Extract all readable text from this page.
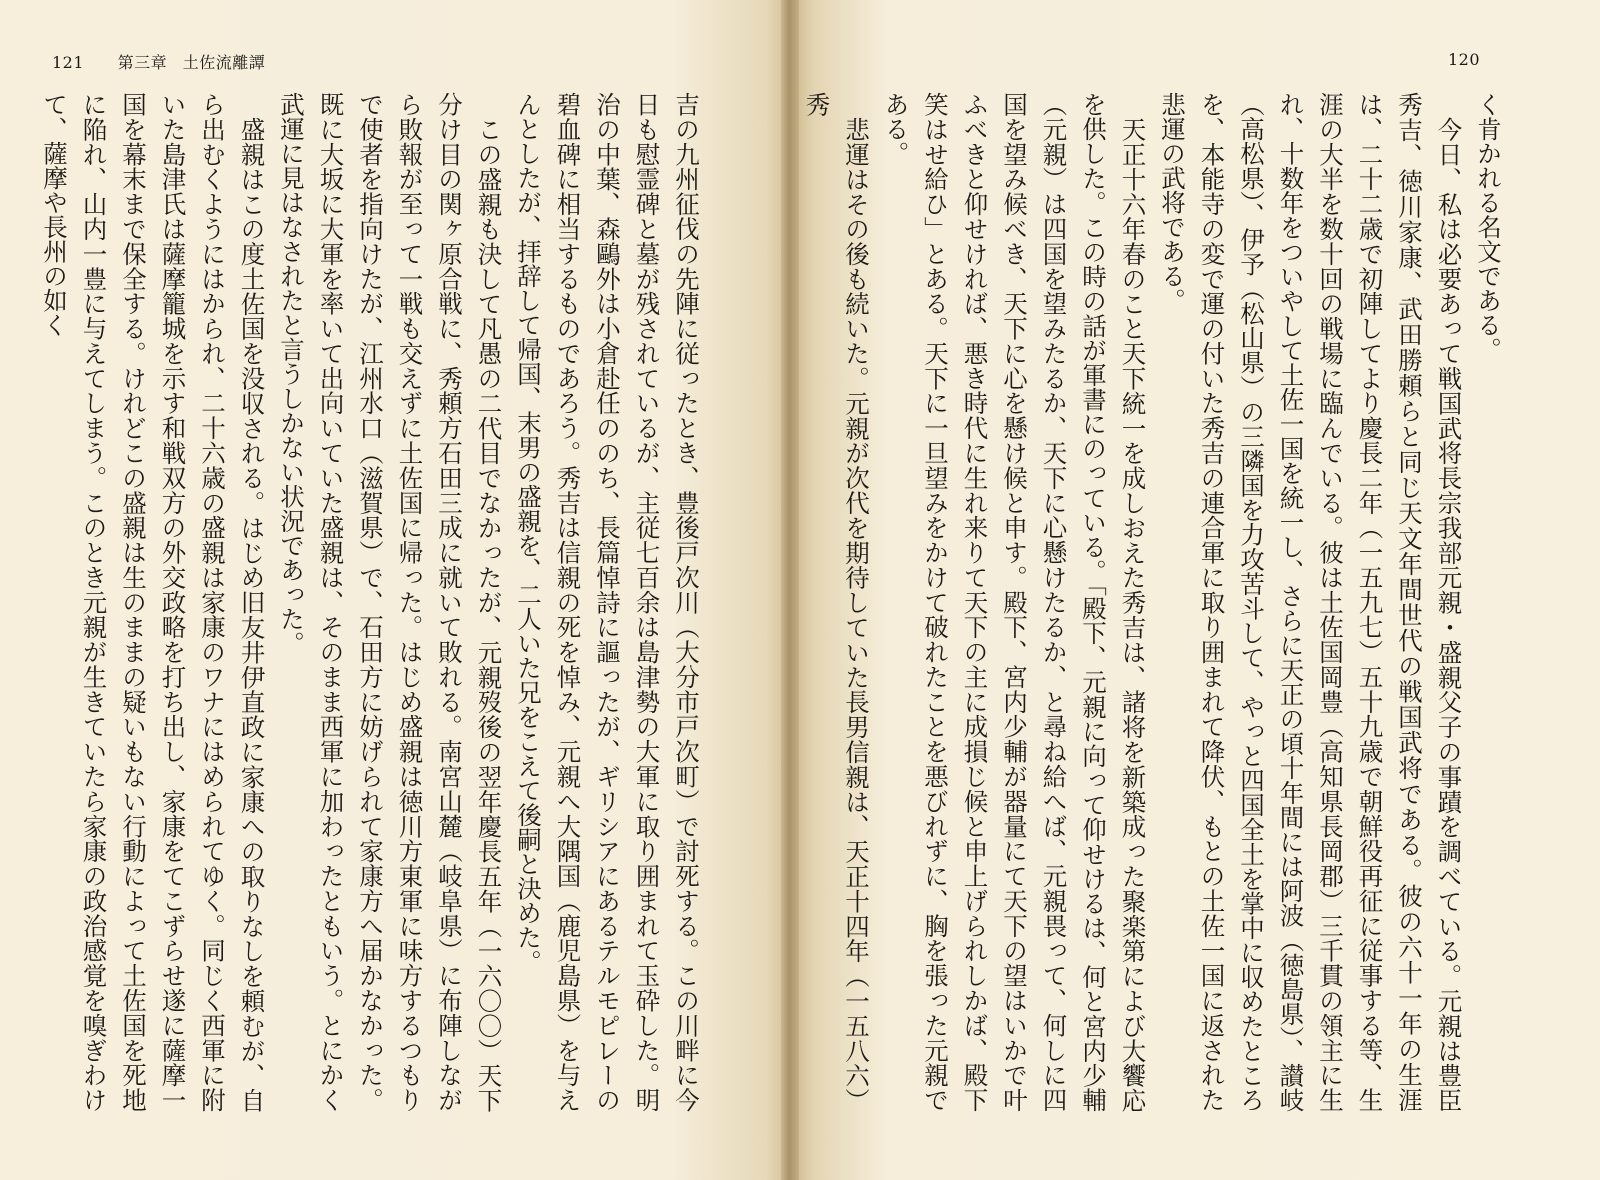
121 第三章 土佐流離譚

吉の九州征伐の先陣に従ったとき、豊後戸次川（大分市戸次町）で討死する。この川畔に今日も慰霊碑と墓が残されているが、主従七百余は島津勢の大軍に取り囲まれて玉砕した。明治の中葉、森鷗外は小倉赴任ののち、長篇悼詩に謳ったが、ギリシアにあるテルモピレーの碧血碑に相当するものであろう。秀吉は信親の死を悼み、元親へ大隅国（鹿児島県）を与えんとしたが、拝辞して帰国、末男の盛親を、二人いた兄をこえて後嗣と決めた。

この盛親も決して凡愚の二代目でなかったが、元親歿後の翌年慶長五年（一六〇〇）天下分け目の関ヶ原合戦に、秀頼方石田三成に就いて敗れる。南宮山麓（岐阜県）に布陣しながら敗報が至って一戦も交えずに土佐国に帰った。はじめ盛親は徳川方東軍に味方するつもりで使者を指向けたが、江州水口（滋賀県）で、石田方に妨げられて家康方へ届かなかった。既に大坂に大軍を率いて出向いていた盛親は、そのまま西軍に加わったともいう。とにかく武運に見はなされたと言うしかない状況であった。

盛親はこの度土佐国を没収される。はじめ旧友井伊直政に家康への取りなしを頼むが、自ら出むくようにはかられ、二十六歳の盛親は家康のワナにはめられてゆく。同じく西軍に附いた島津氏は薩摩籠城を示す和戦双方の外交政略を打ち出し、家康をてこずらせ遂に薩摩一国を幕末まで保全する。けれどこの盛親は生のままの疑いもない行動によって土佐国を死地に陥れ、山内一豊に与えてしまう。このとき元親が生きていたら家康の政治感覚を嗅ぎわけて、薩摩や長州の如く

120

く肯かれる名文である。

今日、私は必要あって戦国武将長宗我部元親・盛親父子の事蹟を調べている。元親は豊臣秀吉、徳川家康、武田勝頼らと同じ天文年間世代の戦国武将である。彼の六十一年の生涯は、二十二歳で初陣してより慶長二年（一五九七）五十九歳で朝鮮役再征に従事する等、生涯の大半を数十回の戦場に臨んでいる。彼は土佐国岡豊（高知県長岡郡）三千貫の領主に生れ、十数年をついやして土佐一国を統一し、さらに天正の頃十年間には阿波（徳島県）、讃岐（高松県）、伊予（松山県）の三隣国を力攻苦斗して、やっと四国全土を掌中に収めたところを、本能寺の変で運の付いた秀吉の連合軍に取り囲まれて降伏、もとの土佐一国に返された悲運の武将である。

天正十六年春のこと天下統一を成しおえた秀吉は、諸将を新築成った聚楽第によび大饗応を供した。この時の話が軍書にのっている。「殿下、元親に向って仰せけるは、何と宮内少輔（元親）は四国を望みたるか、天下に心懸けたるか、と尋ね給へば、元親畏って、何しに四国を望み候べき、天下に心を懸け候と申す。殿下、宮内少輔が器量にて天下の望はいかで叶ふべきと仰せければ、悪き時代に生れ来りて天下の主に成損じ候と申上げられしかば、殿下笑はせ給ひ」とある。天下に一旦望みをかけて破れたことを悪びれずに、胸を張った元親である。

悲運はその後も続いた。元親が次代を期待していた長男信親は、天正十四年（一五八六）秀
